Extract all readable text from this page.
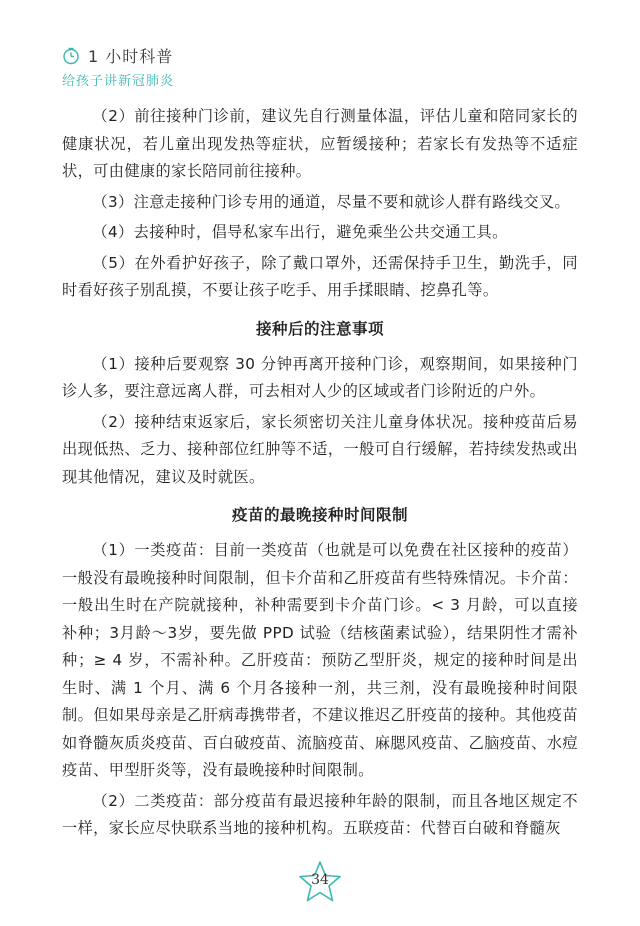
1 小时科普
给孩子讲新冠肺炎

（2）前往接种门诊前，建议先自行测量体温，评估儿童和陪同家长的健康状况，若儿童出现发热等症状，应暂缓接种；若家长有发热等不适症状，可由健康的家长陪同前往接种。

（3）注意走接种门诊专用的通道，尽量不要和就诊人群有路线交叉。

（4）去接种时，倡导私家车出行，避免乘坐公共交通工具。

（5）在外看护好孩子，除了戴口罩外，还需保持手卫生，勤洗手，同时看好孩子别乱摸，不要让孩子吃手、用手揉眼睛、挖鼻孔等。

接种后的注意事项

（1）接种后要观察 30 分钟再离开接种门诊，观察期间，如果接种门诊人多，要注意远离人群，可去相对人少的区域或者门诊附近的户外。

（2）接种结束返家后，家长须密切关注儿童身体状况。接种疫苗后易出现低热、乏力、接种部位红肿等不适，一般可自行缓解，若持续发热或出现其他情况，建议及时就医。

疫苗的最晚接种时间限制

（1）一类疫苗：目前一类疫苗（也就是可以免费在社区接种的疫苗）一般没有最晚接种时间限制，但卡介苗和乙肝疫苗有些特殊情况。卡介苗：一般出生时在产院就接种，补种需要到卡介苗门诊。< 3 月龄，可以直接补种；3月龄～3岁，要先做 PPD 试验（结核菌素试验），结果阴性才需补种；≥ 4 岁，不需补种。乙肝疫苗：预防乙型肝炎，规定的接种时间是出生时、满 1 个月、满 6 个月各接种一剂，共三剂，没有最晚接种时间限制。但如果母亲是乙肝病毒携带者，不建议推迟乙肝疫苗的接种。其他疫苗如脊髓灰质炎疫苗、百白破疫苗、流脑疫苗、麻腮风疫苗、乙脑疫苗、水痘疫苗、甲型肝炎等，没有最晚接种时间限制。

（2）二类疫苗：部分疫苗有最迟接种年龄的限制，而且各地区规定不一样，家长应尽快联系当地的接种机构。五联疫苗：代替百白破和脊髓灰

34
